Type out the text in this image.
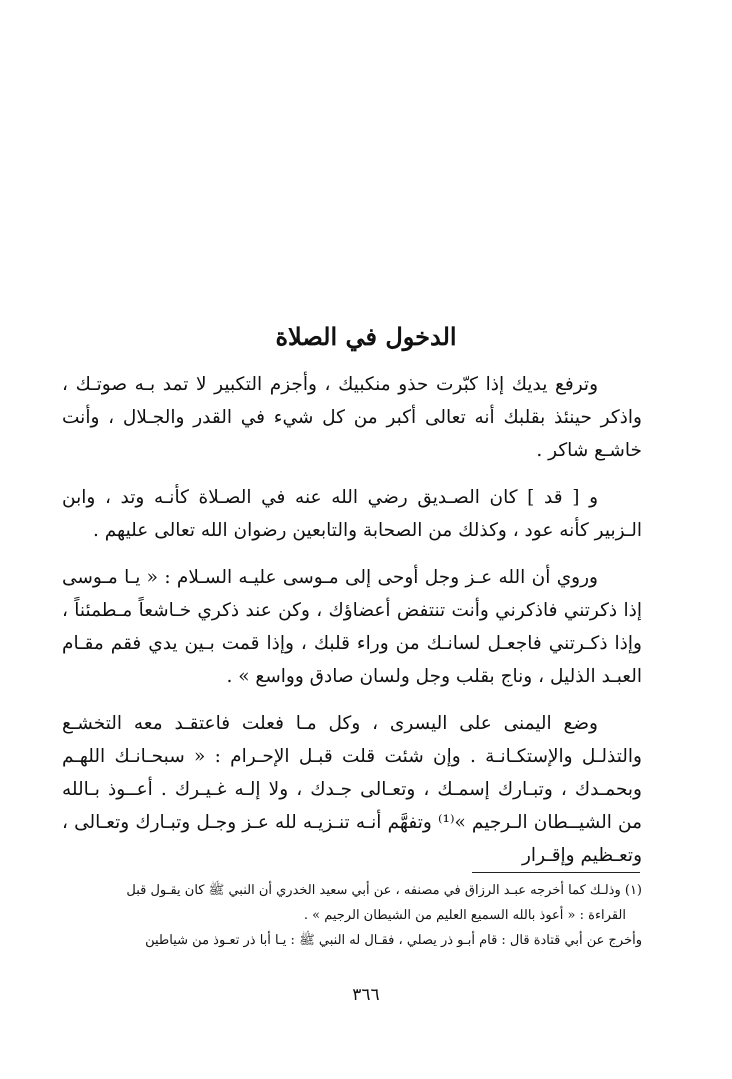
الدخول في الصلاة

وترفع يديك إذا كبّرت حذو منكبيك ، وأجزم التكبير لا تمد بـه صوتـك ، واذكر حينئذ بقلبك أنه تعالى أكبر من كل شيء في القدر والجـلال ، وأنت خاشـع شاكر .

و [ قد ] كان الصـديق رضي الله عنه في الصـلاة كأنـه وتد ، وابن الـزبير كأنه عود ، وكذلك من الصحابة والتابعين رضوان الله تعالى عليهم .

وروي أن الله عـز وجل أوحى إلى مـوسى عليـه السـلام : « يـا مـوسى إذا ذكرتني فاذكرني وأنت تنتفض أعضاؤك ، وكن عند ذكري خـاشعاً مـطمئناً ، وإذا ذكـرتني فاجعـل لسانـك من وراء قلبك ، وإذا قمت بـين يدي فقم مقـام العبـد الذليل ، وناج بقلب وجل ولسان صادق وواسع » .

وضع اليمنى على اليسرى ، وكل مـا فعلت فاعتقـد معه التخشـع والتذلـل والإستكـانـة . وإن شئت قلت قبـل الإحـرام : « سبحـانـك اللهـم وبحمـدك ، وتبـارك إسمـك ، وتعـالى جـدك ، ولا إلـه غـيـرك . أعــوذ بـالله من الشيــطان الـرجيم »⁽¹⁾ وتفهَّم أنـه تنـزيـه لله عـز وجـل وتبـارك وتعـالى ، وتعـظيم وإقـرار

(١) وذلـك كما أخرجه عبـد الرزاق في مصنفه ، عن أبي سعيد الخدري أن النبي ﷺ كان يقـول قبل

القراءة : « أعوذ بالله السميع العليم من الشيطان الرجيم » .

وأخرج عن أبي قتادة قال : قام أبـو ذر يصلي ، فقـال له النبي ﷺ : يـا أبا ذر تعـوذ من شياطين

٣٦٦
